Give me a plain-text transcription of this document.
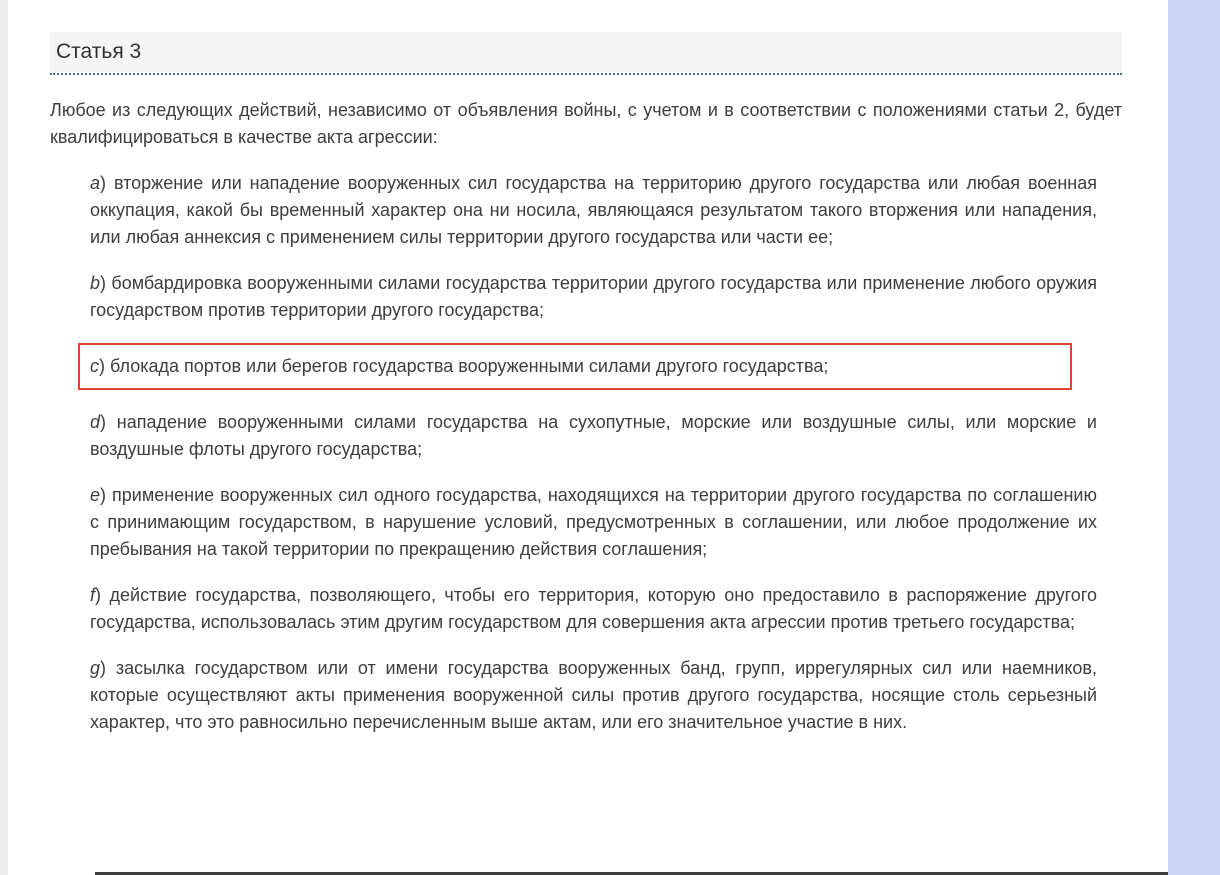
Статья 3

Любое из следующих действий, независимо от объявления войны, с учетом и в соответствии с положениями статьи 2, будет квалифицироваться в качестве акта агрессии:

a) вторжение или нападение вооруженных сил государства на территорию другого государства или любая военная оккупация, какой бы временный характер она ни носила, являющаяся результатом такого вторжения или нападения, или любая аннексия с применением силы территории другого государства или части ее;

b) бомбардировка вооруженными силами государства территории другого государства или применение любого оружия государством против территории другого государства;

c) блокада портов или берегов государства вооруженными силами другого государства;

d) нападение вооруженными силами государства на сухопутные, морские или воздушные силы, или морские и воздушные флоты другого государства;

e) применение вооруженных сил одного государства, находящихся на территории другого государства по соглашению с принимающим государством, в нарушение условий, предусмотренных в соглашении, или любое продолжение их пребывания на такой территории по прекращению действия соглашения;

f) действие государства, позволяющего, чтобы его территория, которую оно предоставило в распоряжение другого государства, использовалась этим другим государством для совершения акта агрессии против третьего государства;

g) засылка государством или от имени государства вооруженных банд, групп, иррегулярных сил или наемников, которые осуществляют акты применения вооруженной силы против другого государства, носящие столь серьезный характер, что это равносильно перечисленным выше актам, или его значительное участие в них.
